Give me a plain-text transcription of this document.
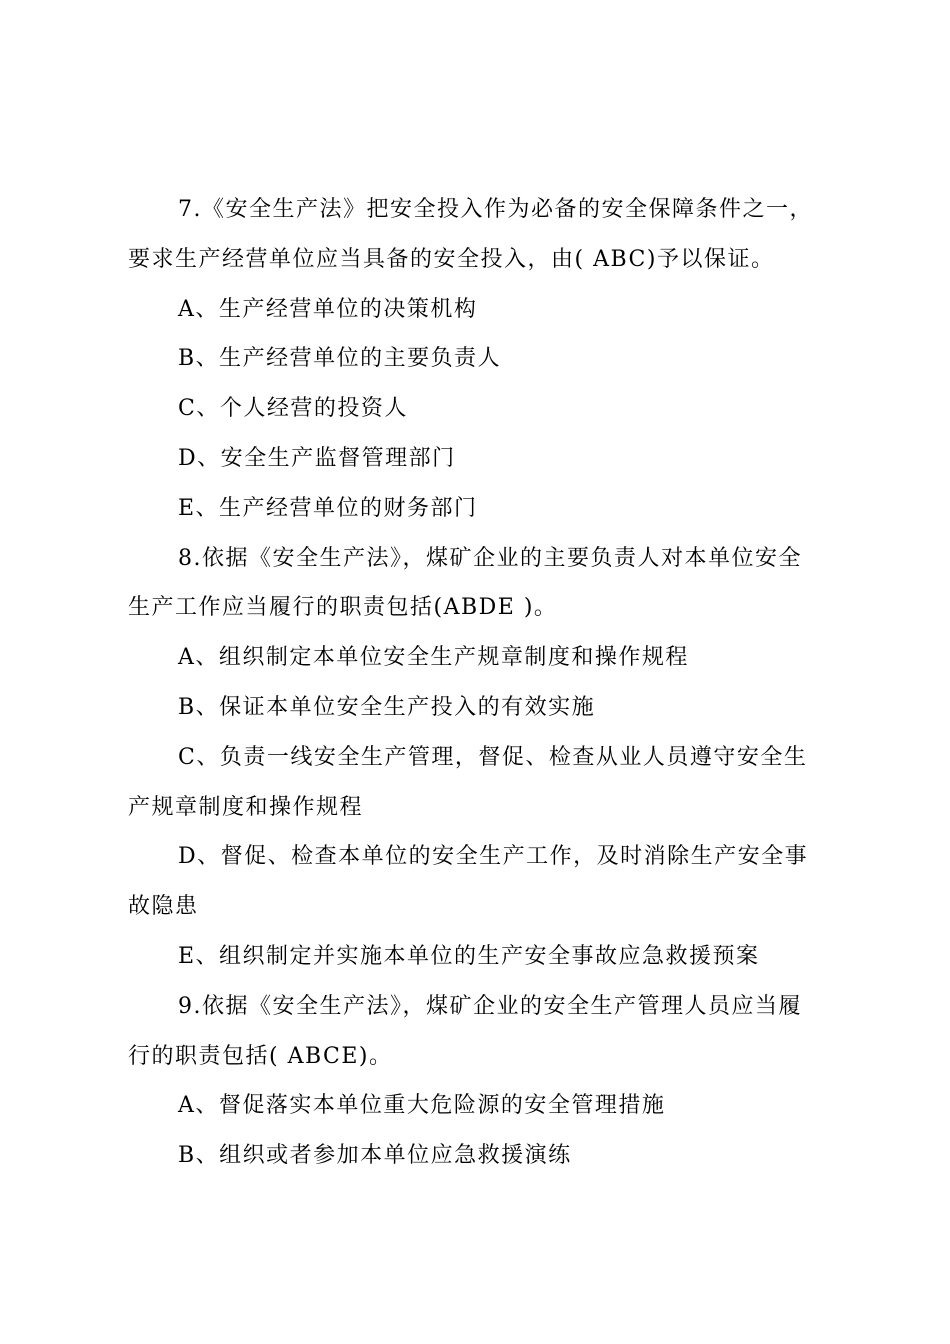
7.《安全生产法》把安全投入作为必备的安全保障条件之一，
要求生产经营单位应当具备的安全投入，由( ABC)予以保证。
A、生产经营单位的决策机构
B、生产经营单位的主要负责人
C、个人经营的投资人
D、安全生产监督管理部门
E、生产经营单位的财务部门
8.依据《安全生产法》，煤矿企业的主要负责人对本单位安全
生产工作应当履行的职责包括(ABDE )。
A、组织制定本单位安全生产规章制度和操作规程
B、保证本单位安全生产投入的有效实施
C、负责一线安全生产管理，督促、检查从业人员遵守安全生
产规章制度和操作规程
D、督促、检查本单位的安全生产工作，及时消除生产安全事
故隐患
E、组织制定并实施本单位的生产安全事故应急救援预案
9.依据《安全生产法》，煤矿企业的安全生产管理人员应当履
行的职责包括( ABCE)。
A、督促落实本单位重大危险源的安全管理措施
B、组织或者参加本单位应急救援演练
